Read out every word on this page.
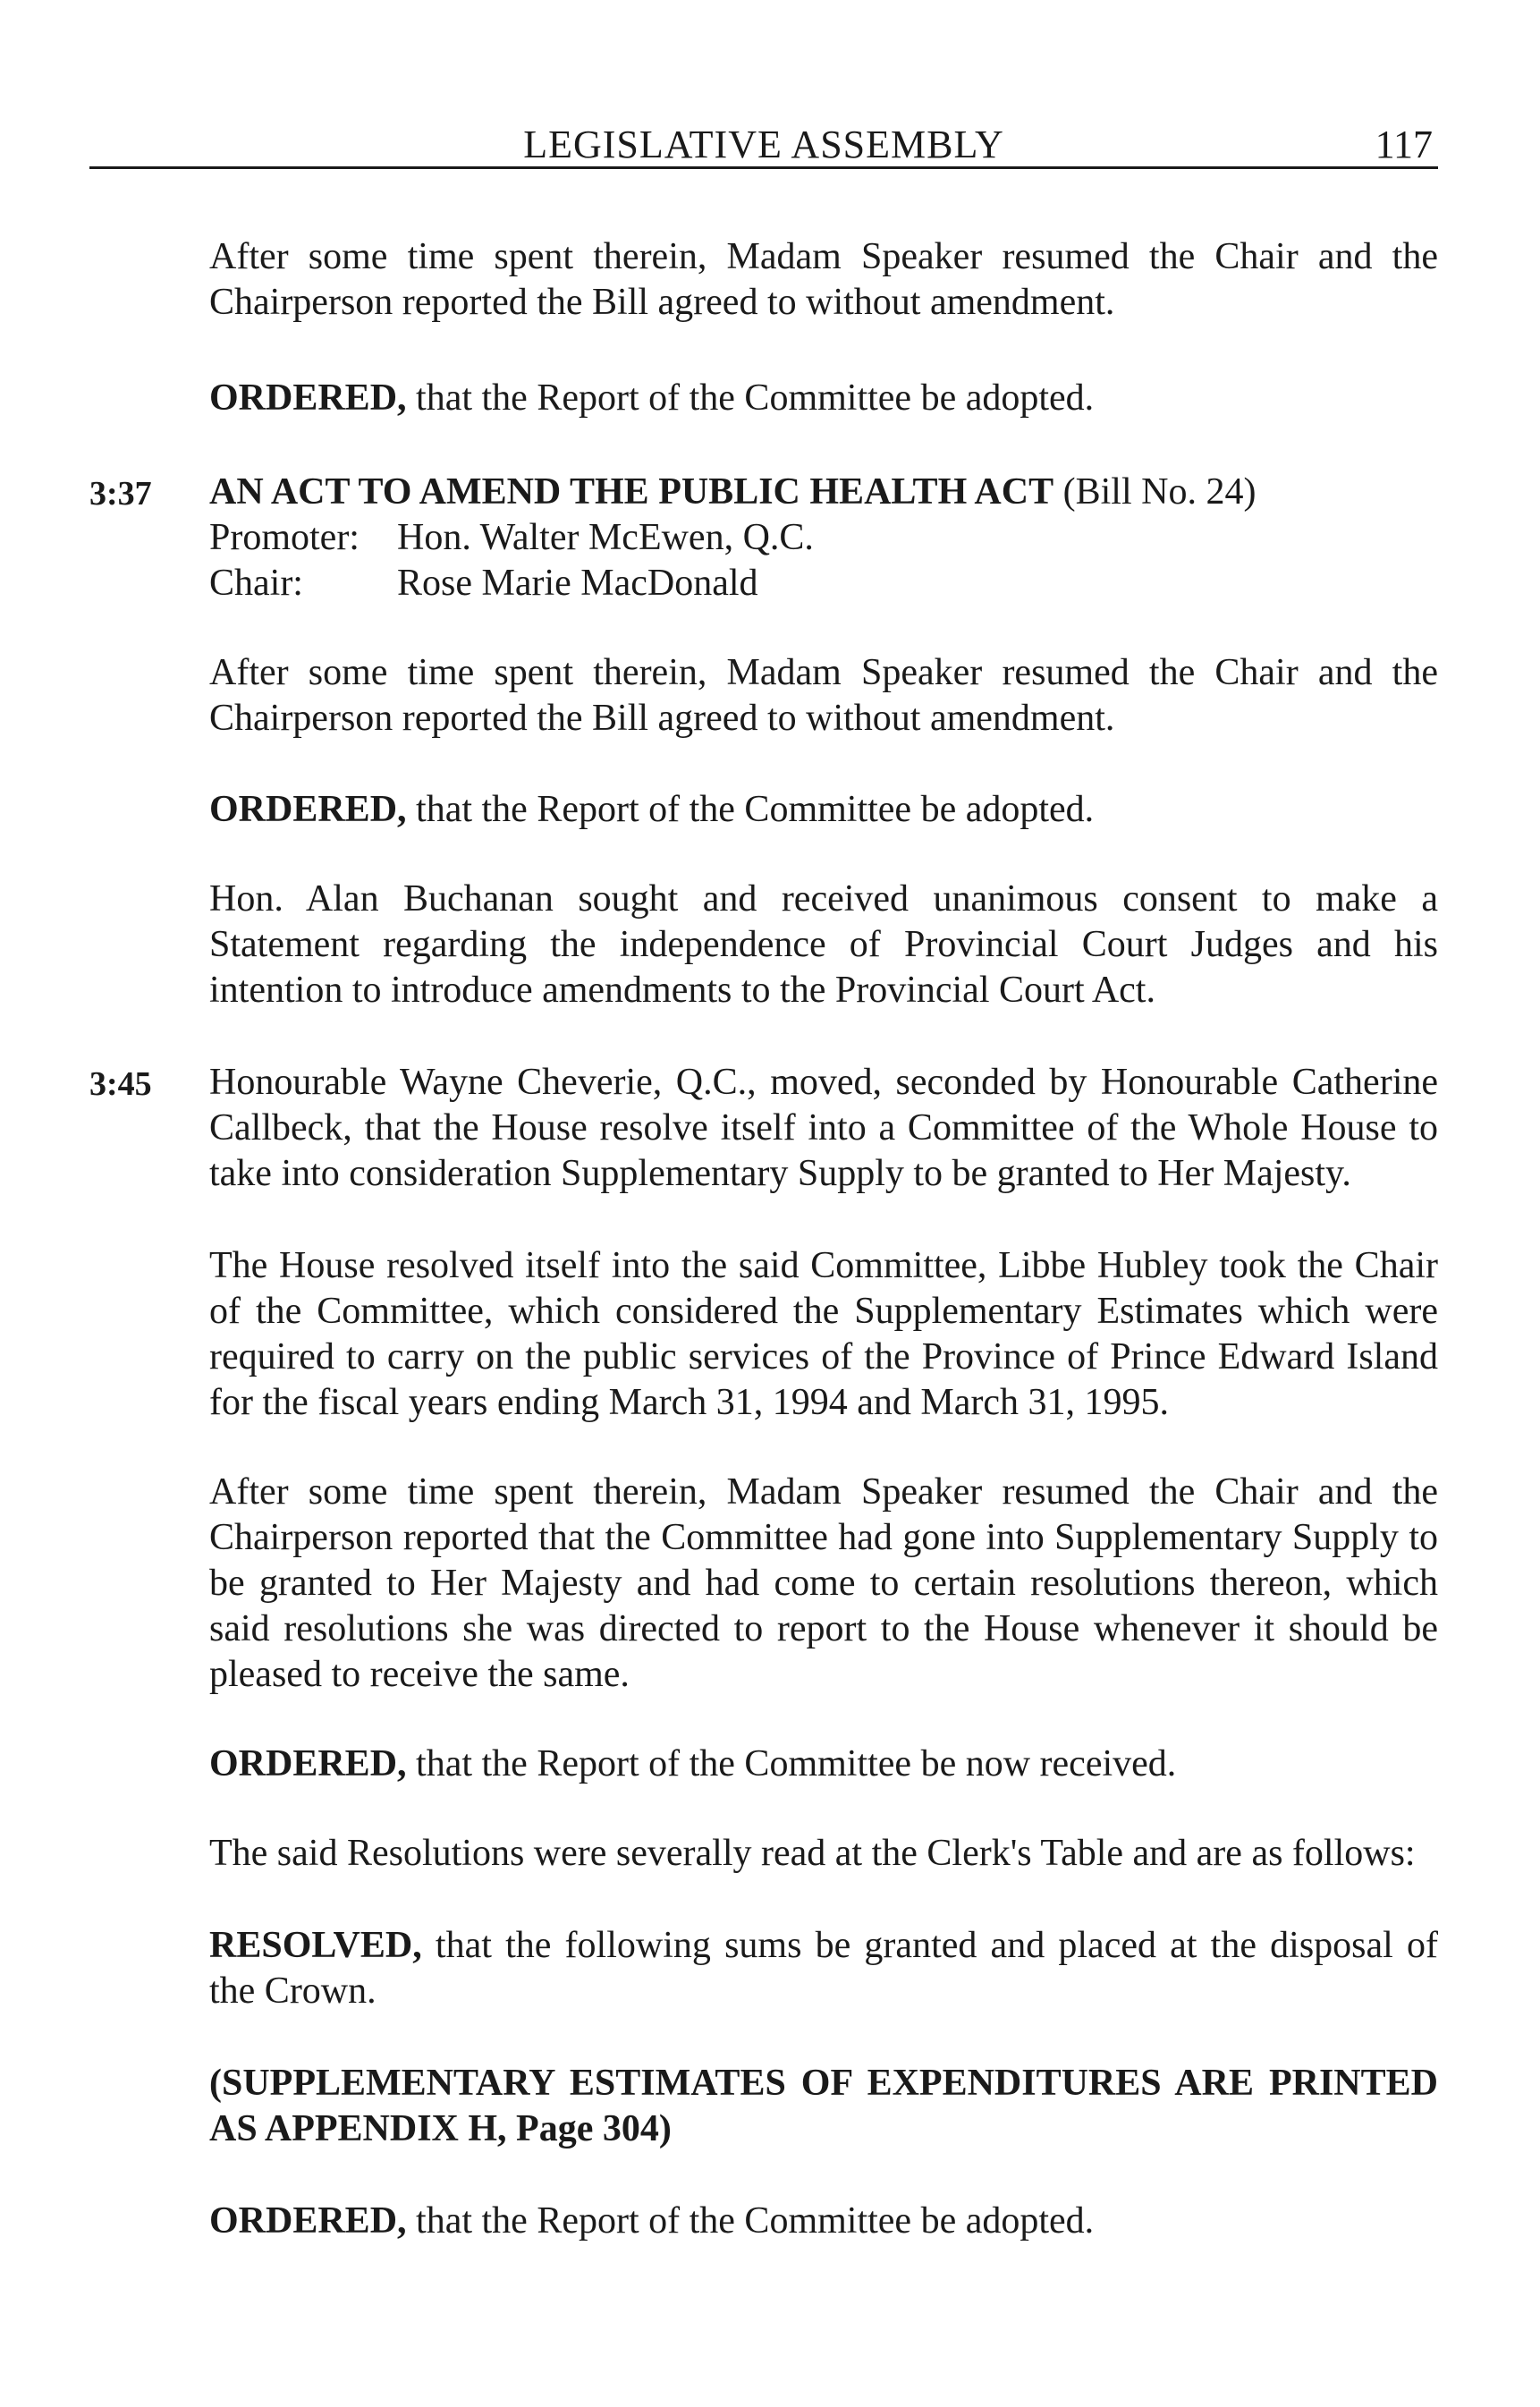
LEGISLATIVE ASSEMBLY	117

After some time spent therein, Madam Speaker resumed the Chair and the Chairperson reported the Bill agreed to without amendment.

ORDERED, that the Report of the Committee be adopted.

3:37 AN ACT TO AMEND THE PUBLIC HEALTH ACT (Bill No. 24)

Promoter: Hon. Walter McEwen, Q.C.
Chair:	Rose Marie MacDonald

After some time spent therein, Madam Speaker resumed the Chair and the Chairperson reported the Bill agreed to without amendment.

ORDERED, that the Report of the Committee be adopted.

Hon. Alan Buchanan sought and received unanimous consent to make a Statement regarding the independence of Provincial Court Judges and his intention to introduce amendments to the Provincial Court Act.

3:45 Honourable Wayne Cheverie, Q.C., moved, seconded by Honourable Catherine Callbeck, that the House resolve itself into a Committee of the Whole House to take into consideration Supplementary Supply to be granted to Her Majesty.

The House resolved itself into the said Committee, Libbe Hubley took the Chair of the Committee, which considered the Supplementary Estimates which were required to carry on the public services of the Province of Prince Edward Island for the fiscal years ending March 31, 1994 and March 31, 1995.

After some time spent therein, Madam Speaker resumed the Chair and the Chairperson reported that the Committee had gone into Supplementary Supply to be granted to Her Majesty and had come to certain resolutions thereon, which said resolutions she was directed to report to the House whenever it should be pleased to receive the same.

ORDERED, that the Report of the Committee be now received.

The said Resolutions were severally read at the Clerk's Table and are as follows:

RESOLVED, that the following sums be granted and placed at the disposal of the Crown.

(SUPPLEMENTARY ESTIMATES OF EXPENDITURES ARE PRINTED AS APPENDIX H, Page 304)

ORDERED, that the Report of the Committee be adopted.
